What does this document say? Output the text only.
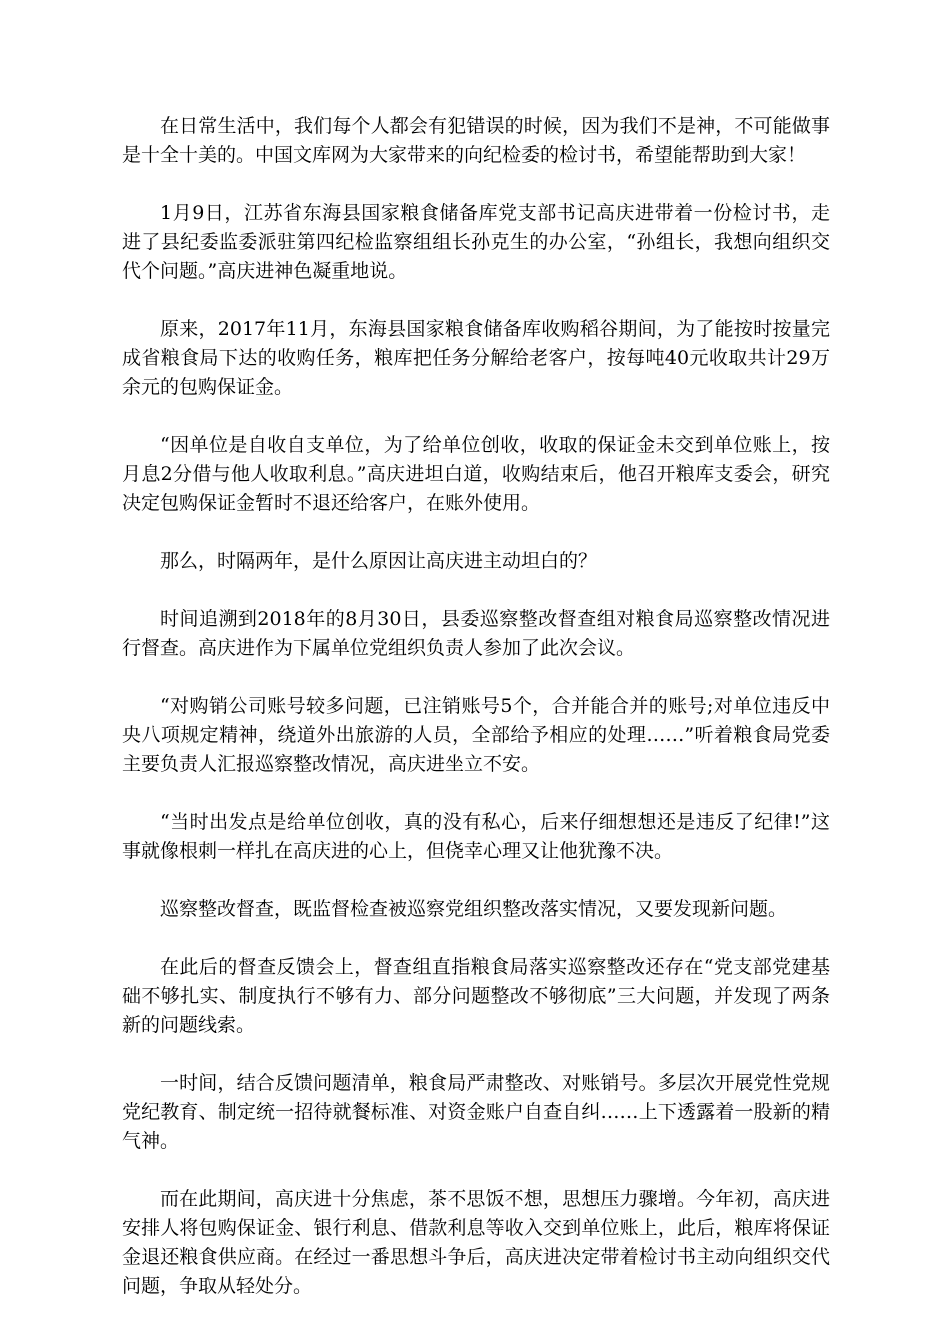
在日常生活中，我们每个人都会有犯错误的时候，因为我们不是神，不可能做事是十全十美的。中国文库网为大家带来的向纪检委的检讨书，希望能帮助到大家！

1月9日，江苏省东海县国家粮食储备库党支部书记高庆进带着一份检讨书，走进了县纪委监委派驻第四纪检监察组组长孙克生的办公室，“孙组长，我想向组织交代个问题。”高庆进神色凝重地说。

原来，2017年11月，东海县国家粮食储备库收购稻谷期间，为了能按时按量完成省粮食局下达的收购任务，粮库把任务分解给老客户，按每吨40元收取共计29万余元的包购保证金。

“因单位是自收自支单位，为了给单位创收，收取的保证金未交到单位账上，按月息2分借与他人收取利息。”高庆进坦白道，收购结束后，他召开粮库支委会，研究决定包购保证金暂时不退还给客户，在账外使用。

那么，时隔两年，是什么原因让高庆进主动坦白的？

时间追溯到2018年的8月30日，县委巡察整改督查组对粮食局巡察整改情况进行督查。高庆进作为下属单位党组织负责人参加了此次会议。

“对购销公司账号较多问题，已注销账号5个，合并能合并的账号;对单位违反中央八项规定精神，绕道外出旅游的人员，全部给予相应的处理……”听着粮食局党委主要负责人汇报巡察整改情况，高庆进坐立不安。

“当时出发点是给单位创收，真的没有私心，后来仔细想想还是违反了纪律!”这事就像根刺一样扎在高庆进的心上，但侥幸心理又让他犹豫不决。

巡察整改督查，既监督检查被巡察党组织整改落实情况，又要发现新问题。

在此后的督查反馈会上，督查组直指粮食局落实巡察整改还存在“党支部党建基础不够扎实、制度执行不够有力、部分问题整改不够彻底”三大问题，并发现了两条新的问题线索。

一时间，结合反馈问题清单，粮食局严肃整改、对账销号。多层次开展党性党规党纪教育、制定统一招待就餐标准、对资金账户自查自纠……上下透露着一股新的精气神。

而在此期间，高庆进十分焦虑，茶不思饭不想，思想压力骤增。今年初，高庆进安排人将包购保证金、银行利息、借款利息等收入交到单位账上，此后，粮库将保证金退还粮食供应商。在经过一番思想斗争后，高庆进决定带着检讨书主动向组织交代问题，争取从轻处分。
